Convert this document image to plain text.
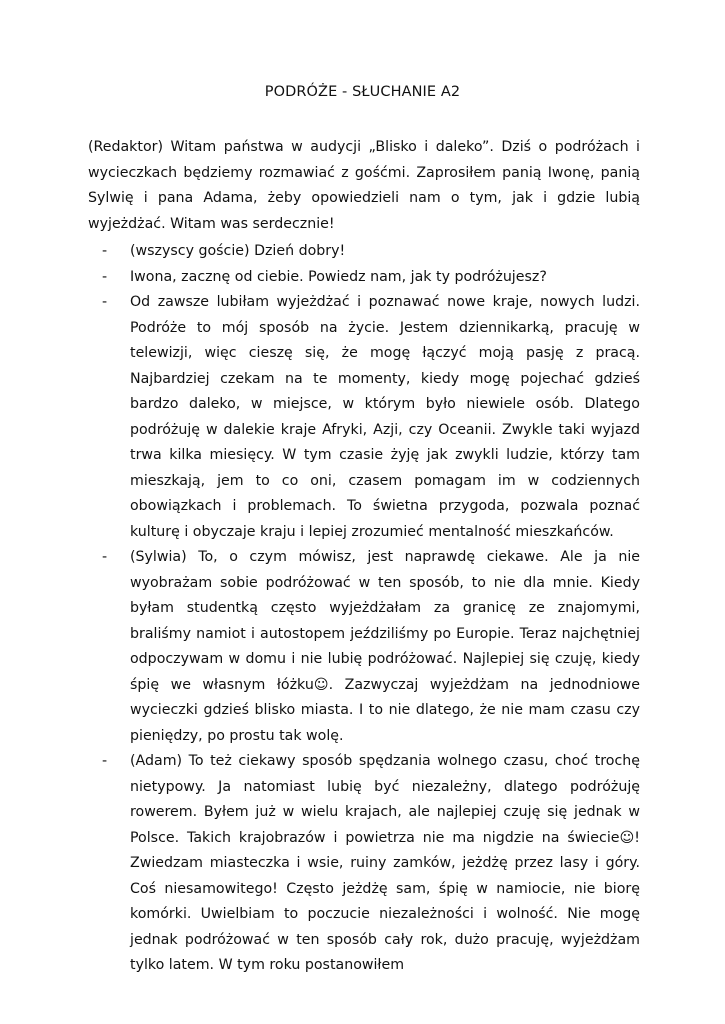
PODRÓŻE - SŁUCHANIE A2

(Redaktor) Witam państwa w audycji „Blisko i daleko”. Dziś o podróżach i wycieczkach będziemy rozmawiać z gośćmi. Zaprosiłem panią Iwonę, panią Sylwię i pana Adama, żeby opowiedzieli nam o tym, jak i gdzie lubią wyjeżdżać. Witam was serdecznie!

- (wszyscy goście) Dzień dobry!
- Iwona, zacznę od ciebie. Powiedz nam, jak ty podróżujesz?
- Od zawsze lubiłam wyjeżdżać i poznawać nowe kraje, nowych ludzi. Podróże to mój sposób na życie. Jestem dziennikarką, pracuję w telewizji, więc cieszę się, że mogę łączyć moją pasję z pracą. Najbardziej czekam na te momenty, kiedy mogę pojechać gdzieś bardzo daleko, w miejsce, w którym było niewiele osób. Dlatego podróżuję w dalekie kraje Afryki, Azji, czy Oceanii. Zwykle taki wyjazd trwa kilka miesięcy. W tym czasie żyję jak zwykli ludzie, którzy tam mieszkają, jem to co oni, czasem pomagam im w codziennych obowiązkach i problemach. To świetna przygoda, pozwala poznać kulturę i obyczaje kraju i lepiej zrozumieć mentalność mieszkańców.
- (Sylwia) To, o czym mówisz, jest naprawdę ciekawe. Ale ja nie wyobrażam sobie podróżować w ten sposób, to nie dla mnie. Kiedy byłam studentką często wyjeżdżałam za granicę ze znajomymi, braliśmy namiot i autostopem jeździliśmy po Europie. Teraz najchętniej odpoczywam w domu i nie lubię podróżować. Najlepiej się czuję, kiedy śpię we własnym łóżku☺. Zazwyczaj wyjeżdżam na jednodniowe wycieczki gdzieś blisko miasta. I to nie dlatego, że nie mam czasu czy pieniędzy, po prostu tak wolę.
- (Adam) To też ciekawy sposób spędzania wolnego czasu, choć trochę nietypowy. Ja natomiast lubię być niezależny, dlatego podróżuję rowerem. Byłem już w wielu krajach, ale najlepiej czuję się jednak w Polsce. Takich krajobrazów i powietrza nie ma nigdzie na świecie☺! Zwiedzam miasteczka i wsie, ruiny zamków, jeżdżę przez lasy i góry. Coś niesamowitego! Często jeżdżę sam, śpię w namiocie, nie biorę komórki. Uwielbiam to poczucie niezależności i wolność. Nie mogę jednak podróżować w ten sposób cały rok, dużo pracuję, wyjeżdżam tylko latem. W tym roku postanowiłem
